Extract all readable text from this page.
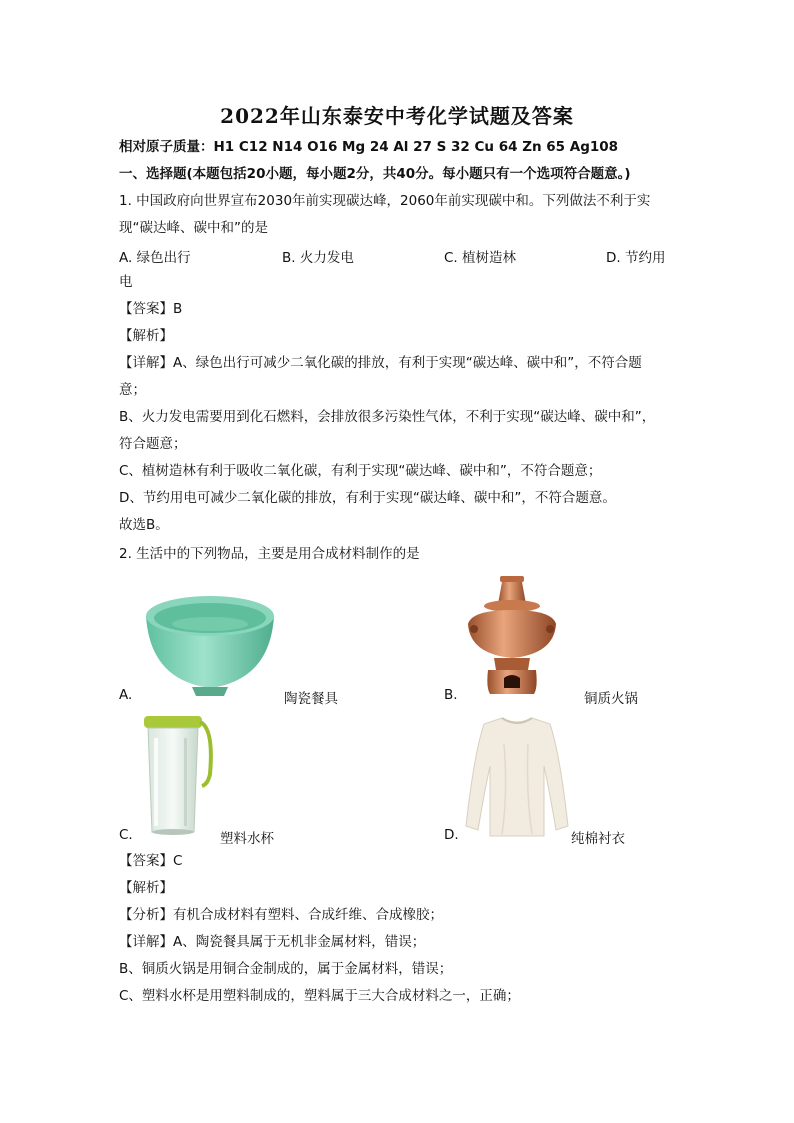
2022年山东泰安中考化学试题及答案
相对原子质量：H1 C12 N14 O16 Mg 24 Al 27 S 32 Cu 64 Zn 65 Ag108
一、选择题(本题包括20小题，每小题2分，共40分。每小题只有一个选项符合题意。)
1. 中国政府向世界宣布2030年前实现碳达峰，2060年前实现碳中和。下列做法不利于实
现“碳达峰、碳中和”的是
A. 绿色出行	B. 火力发电	C. 植树造林	D. 节约用
电
【答案】B
【解析】
【详解】A、绿色出行可减少二氧化碳的排放，有利于实现“碳达峰、碳中和”，不符合题
意；
B、火力发电需要用到化石燃料，会排放很多污染性气体，不利于实现“碳达峰、碳中和”，
符合题意；
C、植树造林有利于吸收二氧化碳，有利于实现“碳达峰、碳中和”，不符合题意；
D、节约用电可减少二氧化碳的排放，有利于实现“碳达峰、碳中和”，不符合题意。
故选B。
2. 生活中的下列物品，主要是用合成材料制作的是
A.	陶瓷餐具	B.	铜质火锅
C.	塑料水杯	D.	纯棉衬衣
【答案】C
【解析】
【分析】有机合成材料有塑料、合成纤维、合成橡胶；
【详解】A、陶瓷餐具属于无机非金属材料，错误；
B、铜质火锅是用铜合金制成的，属于金属材料，错误；
C、塑料水杯是用塑料制成的，塑料属于三大合成材料之一，正确；
